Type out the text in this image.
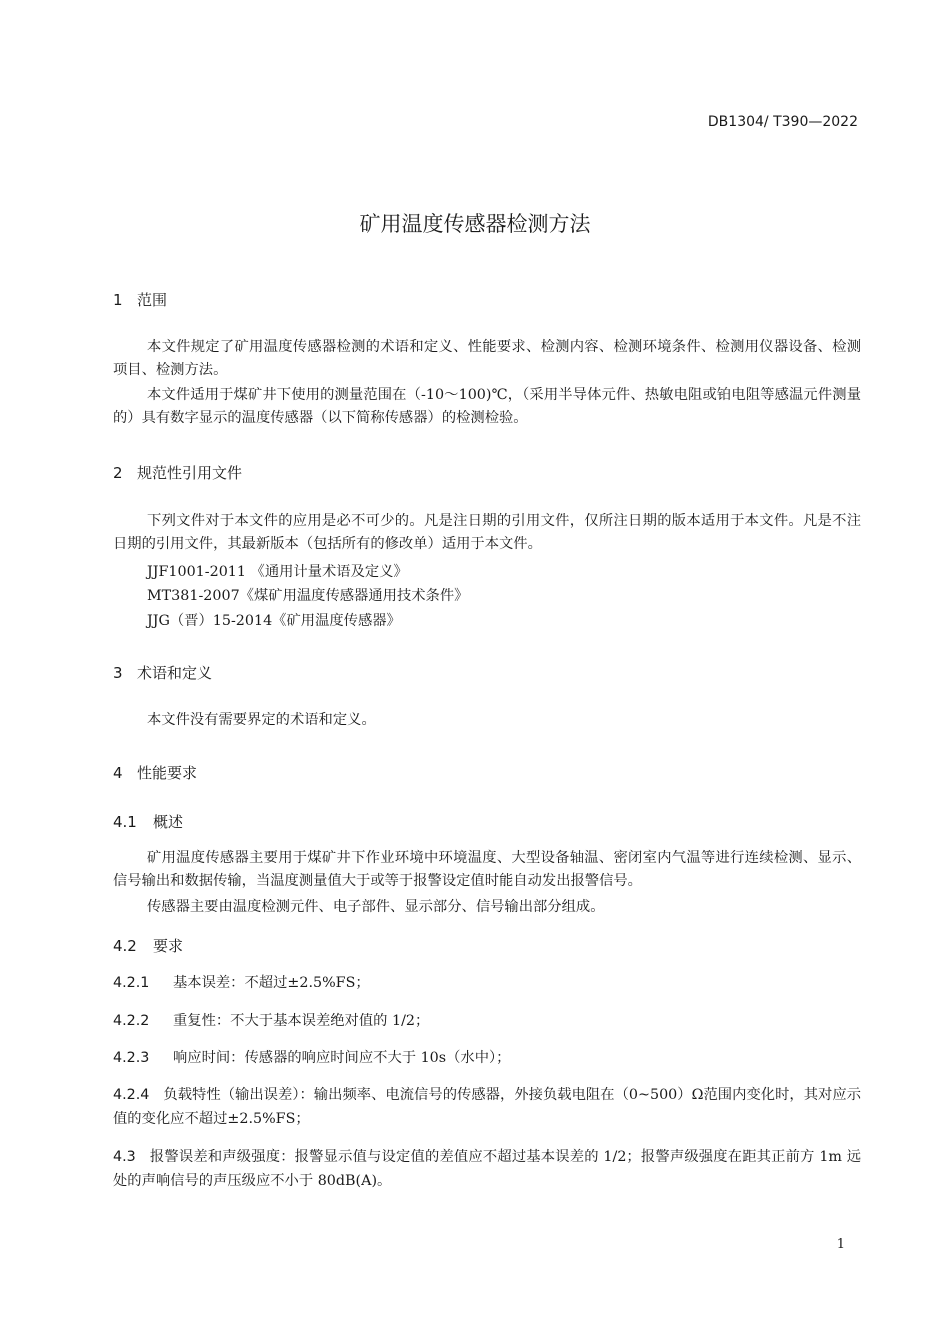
DB1304/ T390—2022
矿用温度传感器检测方法
1 范围
本文件规定了矿用温度传感器检测的术语和定义、性能要求、检测内容、检测环境条件、检测用仪器设备、检测项目、检测方法。
本文件适用于煤矿井下使用的测量范围在（-10～100)℃，（采用半导体元件、热敏电阻或铂电阻等感温元件测量的）具有数字显示的温度传感器（以下简称传感器）的检测检验。
2 规范性引用文件
下列文件对于本文件的应用是必不可少的。凡是注日期的引用文件，仅所注日期的版本适用于本文件。凡是不注日期的引用文件，其最新版本（包括所有的修改单）适用于本文件。
JJF1001-2011 《通用计量术语及定义》
MT381-2007《煤矿用温度传感器通用技术条件》
JJG（晋）15-2014《矿用温度传感器》
3 术语和定义
本文件没有需要界定的术语和定义。
4 性能要求
4.1 概述
矿用温度传感器主要用于煤矿井下作业环境中环境温度、大型设备轴温、密闭室内气温等进行连续检测、显示、信号输出和数据传输，当温度测量值大于或等于报警设定值时能自动发出报警信号。
传感器主要由温度检测元件、电子部件、显示部分、信号输出部分组成。
4.2 要求
4.2.1 基本误差：不超过±2.5%FS；
4.2.2 重复性：不大于基本误差绝对值的 1/2；
4.2.3 响应时间：传感器的响应时间应不大于 10s（水中）；
4.2.4 负载特性（输出误差）：输出频率、电流信号的传感器，外接负载电阻在（0~500）Ω范围内变化时，其对应示值的变化应不超过±2.5%FS；
4.3 报警误差和声级强度：报警显示值与设定值的差值应不超过基本误差的 1/2；报警声级强度在距其正前方 1m 远处的声响信号的声压级应不小于 80dB(A)。
1
